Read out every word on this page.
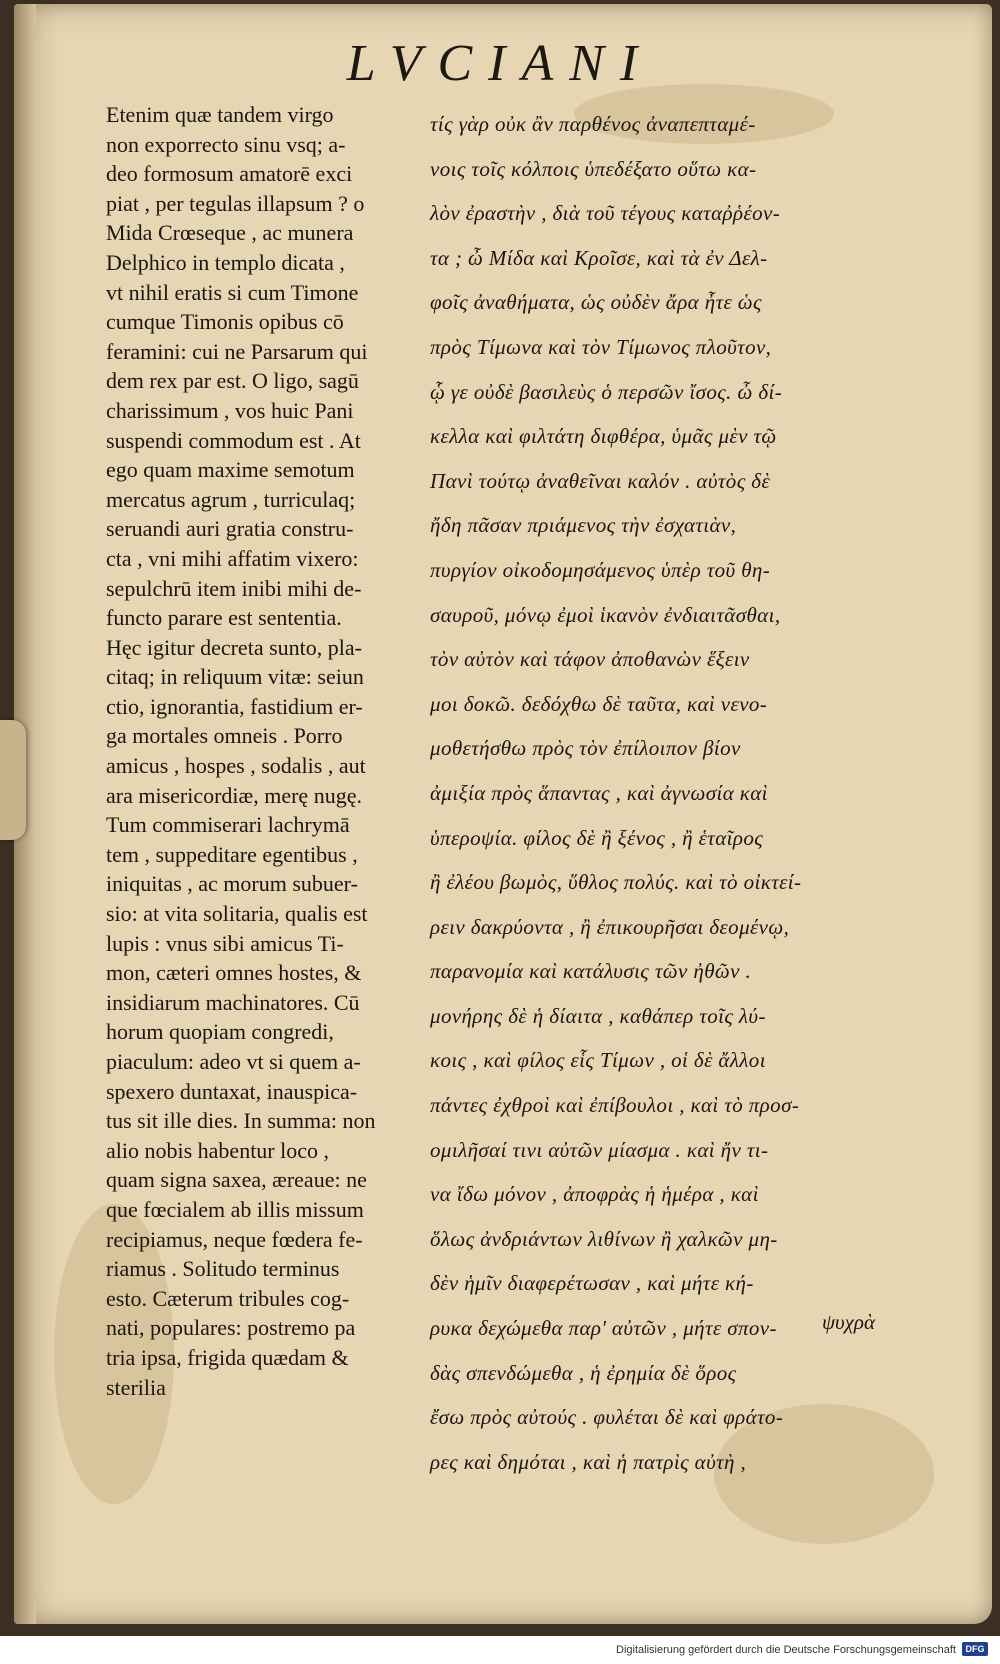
LVCIANI
Etenim quæ tandem virgo
non exporrecto sinu vsq; a-
deo formosum amatorē exci
piat , per tegulas illapsum ? o
Mida Crœseque , ac munera
Delphico in templo dicata ,
vt nihil eratis si cum Timone
cumque Timonis opibus cō
feramini: cui ne Parsarum qui
dem rex par est. O ligo, sagū
charissimum , vos huic Pani
suspendi commodum est . At
ego quam maxime semotum
mercatus agrum , turriculaq;
seruandi auri gratia constru-
cta , vni mihi affatim vixero:
sepulchrū item inibi mihi de-
functo parare est sententia.
Hęc igitur decreta sunto, pla-
citaq; in reliquum vitæ: seiun
ctio, ignorantia, fastidium er-
ga mortales omneis . Porro
amicus , hospes , sodalis , aut
ara misericordiæ, merę nugę.
Tum commiserari lachrymā
tem , suppeditare egentibus ,
iniquitas , ac morum subuer-
sio: at vita solitaria, qualis est
lupis : vnus sibi amicus Ti-
mon, cæteri omnes hostes, &
insidiarum machinatores. Cū
horum quopiam congredi,
piaculum: adeo vt si quem a-
spexero duntaxat, inauspica-
tus sit ille dies. In summa: non
alio nobis habentur loco ,
quam signa saxea, æreaue: ne
que fœcialem ab illis missum
recipiamus, neque fœdera fe-
riamus . Solitudo terminus
esto. Cæterum tribules cog-
nati, populares: postremo pa
tria ipsa, frigida quædam &
sterilia
τίς γὰρ οὐκ ἂν παρθένος ἀναπεπταμέ-
νοις τοῖς κόλποις ὑπεδέξατο οὕτω κα-
λὸν ἐραστὴν , διὰ τοῦ τέγους καταῤῥέον-
τα ; ὦ Μίδα καὶ Κροῖσε, καὶ τὰ ἐν Δελ-
φοῖς ἀναθήματα, ὡς οὐδὲν ἄρα ἦτε ὡς
πρὸς Τίμωνα καὶ τὸν Τίμωνος πλοῦτον,
ᾧ γε οὐδὲ βασιλεὺς ὁ περσῶν ἴσος. ὦ δί-
κελλα καὶ φιλτάτη διφθέρα, ὑμᾶς μὲν τῷ
Πανὶ τούτῳ ἀναθεῖναι καλόν . αὐτὸς δὲ
ἤδη πᾶσαν πριάμενος τὴν ἐσχατιὰν,
πυργίον οἰκοδομησάμενος ὑπὲρ τοῦ θη-
σαυροῦ, μόνῳ ἐμοὶ ἱκανὸν ἐνδιαιτᾶσθαι,
τὸν αὐτὸν καὶ τάφον ἀποθανὼν ἕξειν
μοι δοκῶ. δεδόχθω δὲ ταῦτα, καὶ νενο-
μοθετήσθω πρὸς τὸν ἐπίλοιπον βίον
ἀμιξία πρὸς ἅπαντας , καὶ ἀγνωσία καὶ
ὑπεροψία. φίλος δὲ ἢ ξένος , ἢ ἑταῖρος
ἢ ἐλέου βωμὸς, ὕθλος πολύς. καὶ τὸ οἰκτεί-
ρειν δακρύοντα , ἢ ἐπικουρῆσαι δεομένῳ,
παρανομία καὶ κατάλυσις τῶν ἠθῶν .
μονήρης δὲ ἡ δίαιτα , καθάπερ τοῖς λύ-
κοις , καὶ φίλος εἷς Τίμων , οἱ δὲ ἄλλοι
πάντες ἐχθροὶ καὶ ἐπίβουλοι , καὶ τὸ προσ-
ομιλῆσαί τινι αὐτῶν μίασμα . καὶ ἤν τι-
να ἴδω μόνον , ἀποφρὰς ἡ ἡμέρα , καὶ
ὅλως ἀνδριάντων λιθίνων ἢ χαλκῶν μη-
δὲν ἡμῖν διαφερέτωσαν , καὶ μήτε κή-
ρυκα δεχώμεθα παρ' αὐτῶν , μήτε σπον-
δὰς σπενδώμεθα , ἡ ἐρημία δὲ ὅρος
ἔσω πρὸς αὐτούς . φυλέται δὲ καὶ φράτο-
ρες καὶ δημόται , καὶ ἡ πατρὶς αὐτὴ ,
ψυχρὰ
Digitalisierung gefördert durch die Deutsche Forschungsgemeinschaft	DFG
